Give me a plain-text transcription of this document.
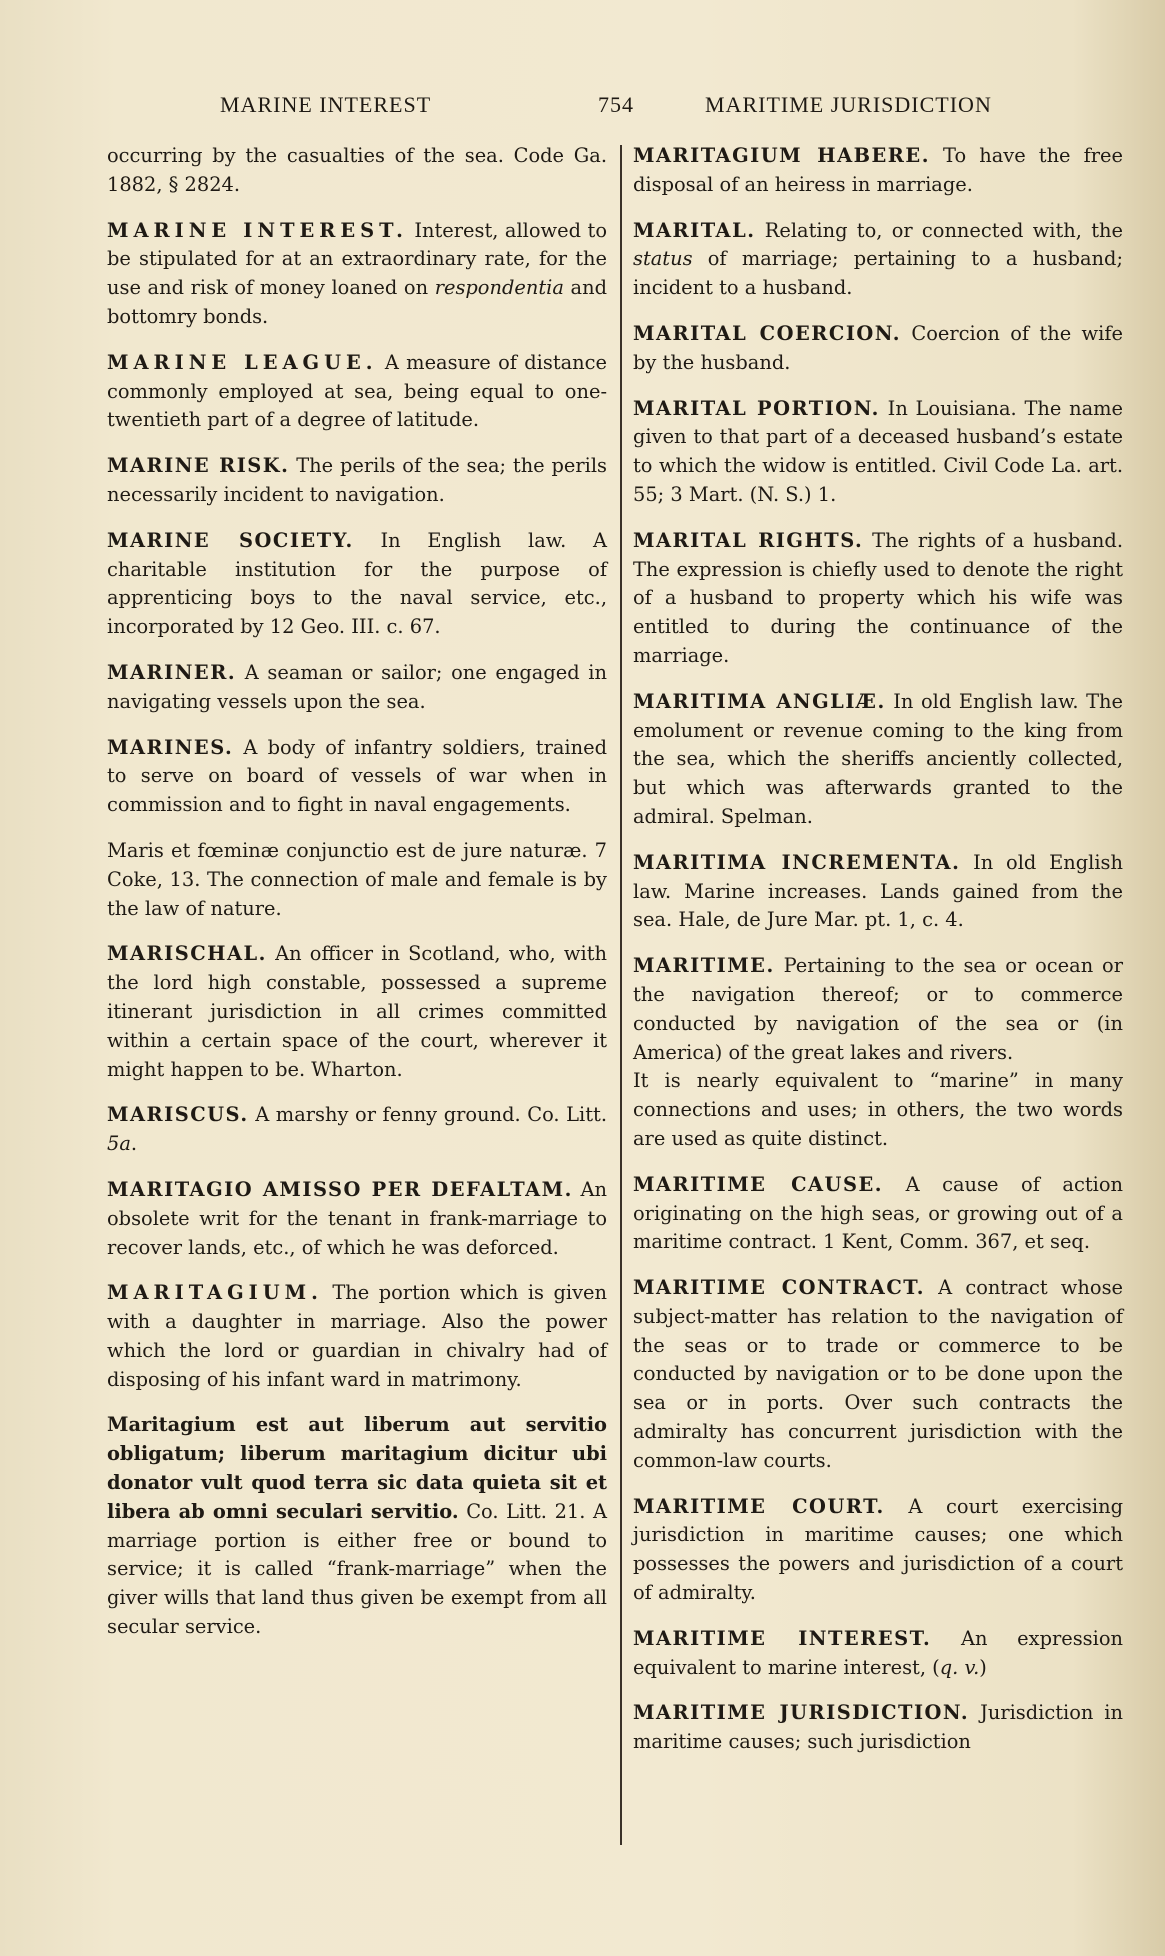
MARINE INTEREST	754	MARITIME JURISDICTION

occurring by the casualties of the sea. Code Ga. 1882, § 2824.

MARINE INTEREST. Interest, allowed to be stipulated for at an extraordinary rate, for the use and risk of money loaned on respondentia and bottomry bonds.

MARINE LEAGUE. A measure of distance commonly employed at sea, being equal to one-twentieth part of a degree of latitude.

MARINE RISK. The perils of the sea; the perils necessarily incident to navigation.

MARINE SOCIETY. In English law. A charitable institution for the purpose of apprenticing boys to the naval service, etc., incorporated by 12 Geo. III. c. 67.

MARINER. A seaman or sailor; one engaged in navigating vessels upon the sea.

MARINES. A body of infantry soldiers, trained to serve on board of vessels of war when in commission and to fight in naval engagements.

Maris et fœminæ conjunctio est de jure naturæ. 7 Coke, 13. The connection of male and female is by the law of nature.

MARISCHAL. An officer in Scotland, who, with the lord high constable, possessed a supreme itinerant jurisdiction in all crimes committed within a certain space of the court, wherever it might happen to be. Wharton.

MARISCUS. A marshy or fenny ground. Co. Litt. 5a.

MARITAGIO AMISSO PER DEFALTAM. An obsolete writ for the tenant in frank-marriage to recover lands, etc., of which he was deforced.

MARITAGIUM. The portion which is given with a daughter in marriage. Also the power which the lord or guardian in chivalry had of disposing of his infant ward in matrimony.

Maritagium est aut liberum aut servitio obligatum; liberum maritagium dicitur ubi donator vult quod terra sic data quieta sit et libera ab omni seculari servitio. Co. Litt. 21. A marriage portion is either free or bound to service; it is called “frank-marriage” when the giver wills that land thus given be exempt from all secular service.

MARITAGIUM HABERE. To have the free disposal of an heiress in marriage.

MARITAL. Relating to, or connected with, the status of marriage; pertaining to a husband; incident to a husband.

MARITAL COERCION. Coercion of the wife by the husband.

MARITAL PORTION. In Louisiana. The name given to that part of a deceased husband’s estate to which the widow is entitled. Civil Code La. art. 55; 3 Mart. (N. S.) 1.

MARITAL RIGHTS. The rights of a husband. The expression is chiefly used to denote the right of a husband to property which his wife was entitled to during the continuance of the marriage.

MARITIMA ANGLIÆ. In old English law. The emolument or revenue coming to the king from the sea, which the sheriffs anciently collected, but which was afterwards granted to the admiral. Spelman.

MARITIMA INCREMENTA. In old English law. Marine increases. Lands gained from the sea. Hale, de Jure Mar. pt. 1, c. 4.

MARITIME. Pertaining to the sea or ocean or the navigation thereof; or to commerce conducted by navigation of the sea or (in America) of the great lakes and rivers.

It is nearly equivalent to “marine” in many connections and uses; in others, the two words are used as quite distinct.

MARITIME CAUSE. A cause of action originating on the high seas, or growing out of a maritime contract. 1 Kent, Comm. 367, et seq.

MARITIME CONTRACT. A contract whose subject-matter has relation to the navigation of the seas or to trade or commerce to be conducted by navigation or to be done upon the sea or in ports. Over such contracts the admiralty has concurrent jurisdiction with the common-law courts.

MARITIME COURT. A court exercising jurisdiction in maritime causes; one which possesses the powers and jurisdiction of a court of admiralty.

MARITIME INTEREST. An expression equivalent to marine interest, (q. v.)

MARITIME JURISDICTION. Jurisdiction in maritime causes; such jurisdiction
